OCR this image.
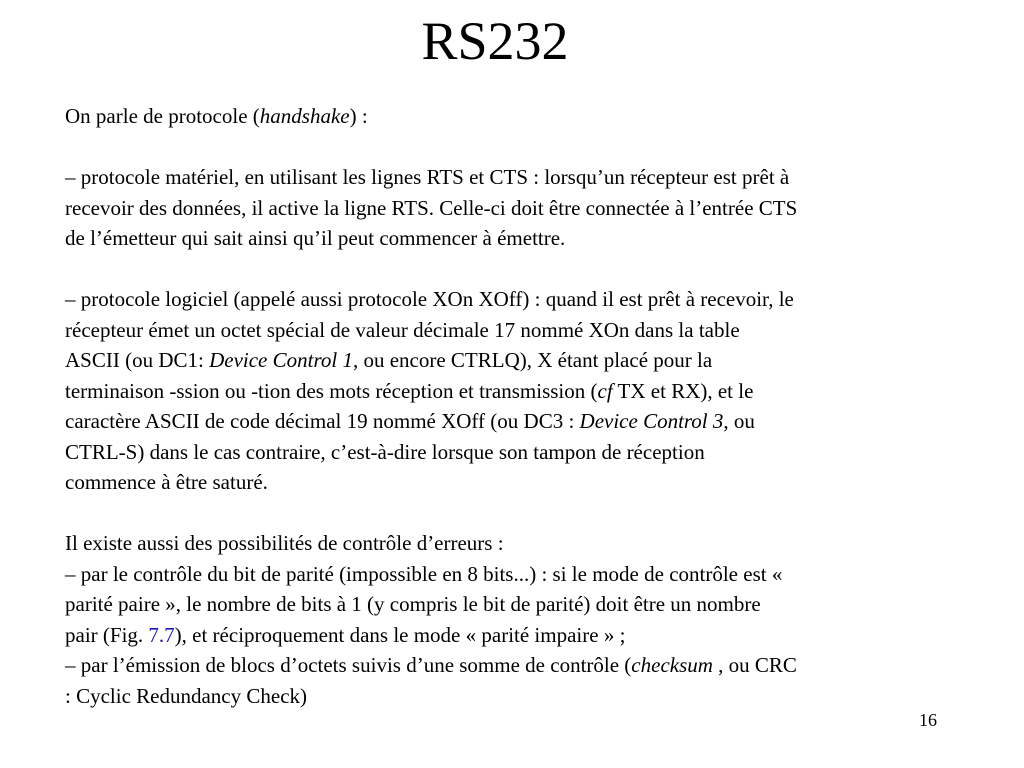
RS232
On parle de protocole (handshake) :
– protocole matériel, en utilisant les lignes RTS et CTS : lorsqu’un récepteur est prêt à
recevoir des données, il active la ligne RTS. Celle-ci doit être connectée à l’entrée CTS
de l’émetteur qui sait ainsi qu’il peut commencer à émettre.
– protocole logiciel (appelé aussi protocole XOn XOff) : quand il est prêt à recevoir, le
récepteur émet un octet spécial de valeur décimale 17 nommé XOn dans la table
ASCII (ou DC1: Device Control 1, ou encore CTRLQ), X étant placé pour la
terminaison -ssion ou -tion des mots réception et transmission (cf TX et RX), et le
caractère ASCII de code décimal 19 nommé XOff (ou DC3 : Device Control 3, ou
CTRL-S) dans le cas contraire, c’est-à-dire lorsque son tampon de réception
commence à être saturé.
Il existe aussi des possibilités de contrôle d’erreurs :
– par le contrôle du bit de parité (impossible en 8 bits...) : si le mode de contrôle est «
parité paire », le nombre de bits à 1 (y compris le bit de parité) doit être un nombre
pair (Fig. 7.7), et réciproquement dans le mode « parité impaire » ;
– par l’émission de blocs d’octets suivis d’une somme de contrôle (checksum , ou CRC
: Cyclic Redundancy Check)
16
